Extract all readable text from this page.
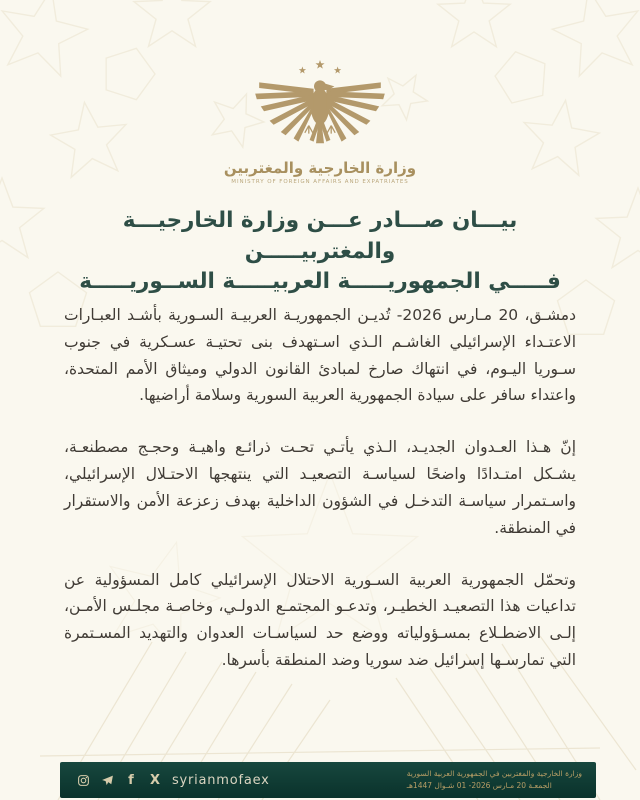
وزارة الخارجية والمغتربين
MINISTRY OF FOREIGN AFFAIRS AND EXPATRIATES
بيـــان صـــادر عـــن وزارة الخارجيـــة والمغتربيـــــن
فـــــي الجمهوريـــــة العربيـــــة الســوريـــــة

دمشـق، 20 مـارس 2026- تُديـن الجمهوريـة العربيـة السـورية بأشـد العبـارات الاعتـداء الإسرائيلي الغاشـم الـذي اسـتهدف بنى تحتيـة عسـكرية في جنوب سـوريا اليـوم، في انتهاك صارخ لمبادئ القانون الدولي وميثاق الأمم المتحدة، واعتداء سافر على سيادة الجمهورية العربية السورية وسلامة أراضيها.

إنّ هـذا العـدوان الجديـد، الـذي يأتـي تحـت ذرائـع واهيـة وحجـج مصطنعـة، يشـكل امتـدادًا واضحًا لسياسـة التصعيـد التي ينتهجها الاحتـلال الإسرائيلي، واسـتمرار سياسـة التدخـل في الشؤون الداخلية بهدف زعزعة الأمن والاستقرار في المنطقة.

وتحمّل الجمهورية العربية السـورية الاحتلال الإسرائيلي كامل المسؤولية عن تداعيات هذا التصعيـد الخطيـر، وتدعـو المجتمـع الدولـي، وخاصـة مجلـس الأمـن، إلـى الاضطـلاع بمسـؤولياته ووضع حد لسياسـات العدوان والتهديد المسـتمرة التي تمارسـها إسرائيل ضد سوريا وضد المنطقة بأسرها.

f	X syrianmofaex	وزارة الخارجية والمغتربين في الجمهورية العربية السورية
الجمعـة 20 مـارس 2026- 01 شـوال 1447هـ
